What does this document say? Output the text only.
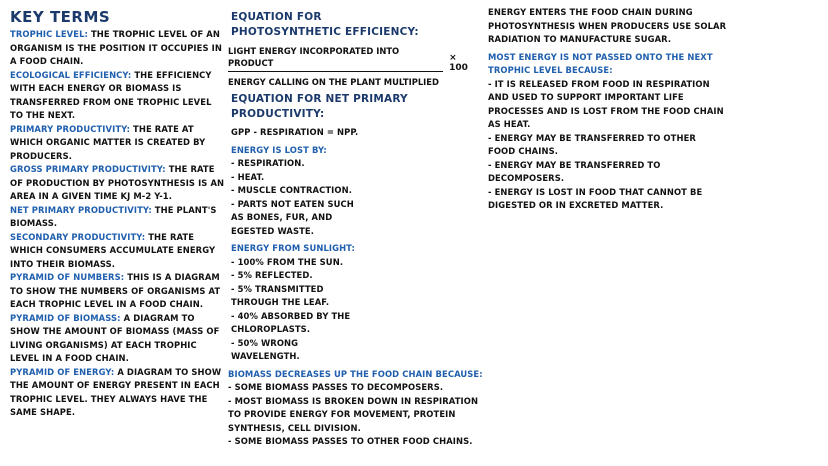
KEY TERMS
TROPHIC LEVEL: THE TROPHIC LEVEL OF AN
ORGANISM IS THE POSITION IT OCCUPIES IN
A FOOD CHAIN.
ECOLOGICAL EFFICIENCY: THE EFFICIENCY
WITH EACH ENERGY OR BIOMASS IS
TRANSFERRED FROM ONE TROPHIC LEVEL
TO THE NEXT.
PRIMARY PRODUCTIVITY: THE RATE AT
WHICH ORGANIC MATTER IS CREATED BY
PRODUCERS.
GROSS PRIMARY PRODUCTIVITY: THE RATE
OF PRODUCTION BY PHOTOSYNTHESIS IS AN
AREA IN A GIVEN TIME KJ M-2 Y-1.
NET PRIMARY PRODUCTIVITY: THE PLANT'S
BIOMASS.
SECONDARY PRODUCTIVITY: THE RATE
WHICH CONSUMERS ACCUMULATE ENERGY
INTO THEIR BIOMASS.
PYRAMID OF NUMBERS: THIS IS A DIAGRAM
TO SHOW THE NUMBERS OF ORGANISMS AT
EACH TROPHIC LEVEL IN A FOOD CHAIN.
PYRAMID OF BIOMASS: A DIAGRAM TO
SHOW THE AMOUNT OF BIOMASS (MASS OF
LIVING ORGANISMS) AT EACH TROPHIC
LEVEL IN A FOOD CHAIN.
PYRAMID OF ENERGY: A DIAGRAM TO SHOW
THE AMOUNT OF ENERGY PRESENT IN EACH
TROPHIC LEVEL. THEY ALWAYS HAVE THE
SAME SHAPE.
EQUATION FOR
PHOTOSYNTHETIC EFFICIENCY:
$\frac{\text{LIGHT ENERGY INCORPORATED INTO PRODUCT}}{\text{ENERGY CALLING ON THE PLANT MULTIPLIED}} \times 100$
EQUATION FOR NET PRIMARY
PRODUCTIVITY:
GPP - RESPIRATION = NPP.
ENERGY IS LOST BY:
- RESPIRATION.
- HEAT.
- MUSCLE CONTRACTION.
- PARTS NOT EATEN SUCH
AS BONES, FUR, AND
EGESTED WASTE.
ENERGY FROM SUNLIGHT:
- 100% FROM THE SUN.
- 5% REFLECTED.
- 5% TRANSMITTED
THROUGH THE LEAF.
- 40% ABSORBED BY THE
CHLOROPLASTS.
- 50% WRONG
WAVELENGTH.
BIOMASS DECREASES UP THE FOOD CHAIN BECAUSE:
- SOME BIOMASS PASSES TO DECOMPOSERS.
- MOST BIOMASS IS BROKEN DOWN IN RESPIRATION
TO PROVIDE ENERGY FOR MOVEMENT, PROTEIN
SYNTHESIS, CELL DIVISION.
- SOME BIOMASS PASSES TO OTHER FOOD CHAINS.
ENERGY ENTERS THE FOOD CHAIN DURING
PHOTOSYNTHESIS WHEN PRODUCERS USE SOLAR
RADIATION TO MANUFACTURE SUGAR.
MOST ENERGY IS NOT PASSED ONTO THE NEXT
TROPHIC LEVEL BECAUSE:
- IT IS RELEASED FROM FOOD IN RESPIRATION
AND USED TO SUPPORT IMPORTANT LIFE
PROCESSES AND IS LOST FROM THE FOOD CHAIN
AS HEAT.
- ENERGY MAY BE TRANSFERRED TO OTHER
FOOD CHAINS.
- ENERGY MAY BE TRANSFERRED TO
DECOMPOSERS.
- ENERGY IS LOST IN FOOD THAT CANNOT BE
DIGESTED OR IN EXCRETED MATTER.
